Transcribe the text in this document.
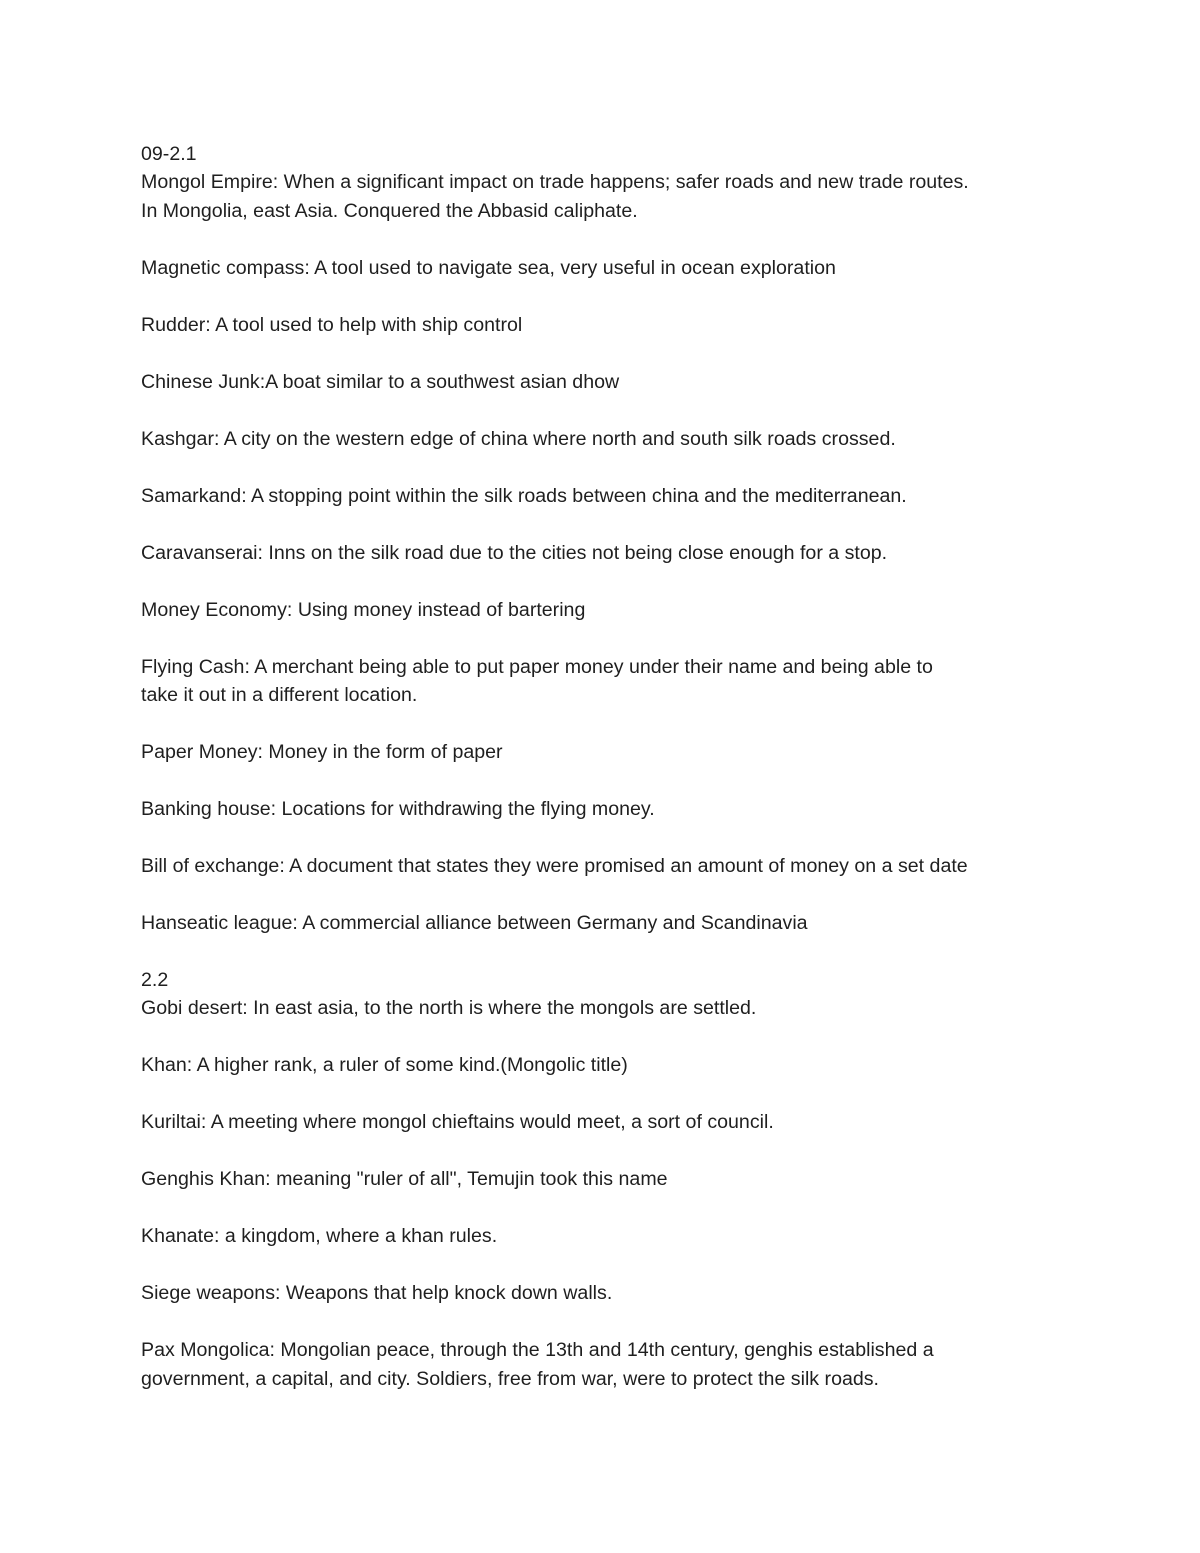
09-2.1
Mongol Empire: When a significant impact on trade happens; safer roads and new trade routes.
In Mongolia, east Asia. Conquered the Abbasid caliphate.
Magnetic compass: A tool used to navigate sea, very useful in ocean exploration
Rudder: A tool used to help with ship control
Chinese Junk:A boat similar to a southwest asian dhow
Kashgar: A city on the western edge of china where north and south silk roads crossed.
Samarkand: A stopping point within the silk roads between china and the mediterranean.
Caravanserai: Inns on the silk road due to the cities not being close enough for a stop.
Money Economy: Using money instead of bartering
Flying Cash: A merchant being able to put paper money under their name and being able to
take it out in a different location.
Paper Money: Money in the form of paper
Banking house: Locations for withdrawing the flying money.
Bill of exchange: A document that states they were promised an amount of money on a set date
Hanseatic league: A commercial alliance between Germany and Scandinavia
2.2
Gobi desert: In east asia, to the north is where the mongols are settled.
Khan: A higher rank, a ruler of some kind.(Mongolic title)
Kuriltai: A meeting where mongol chieftains would meet, a sort of council.
Genghis Khan: meaning "ruler of all", Temujin took this name
Khanate: a kingdom, where a khan rules.
Siege weapons: Weapons that help knock down walls.
Pax Mongolica: Mongolian peace, through the 13th and 14th century, genghis established a
government, a capital, and city. Soldiers, free from war, were to protect the silk roads.
